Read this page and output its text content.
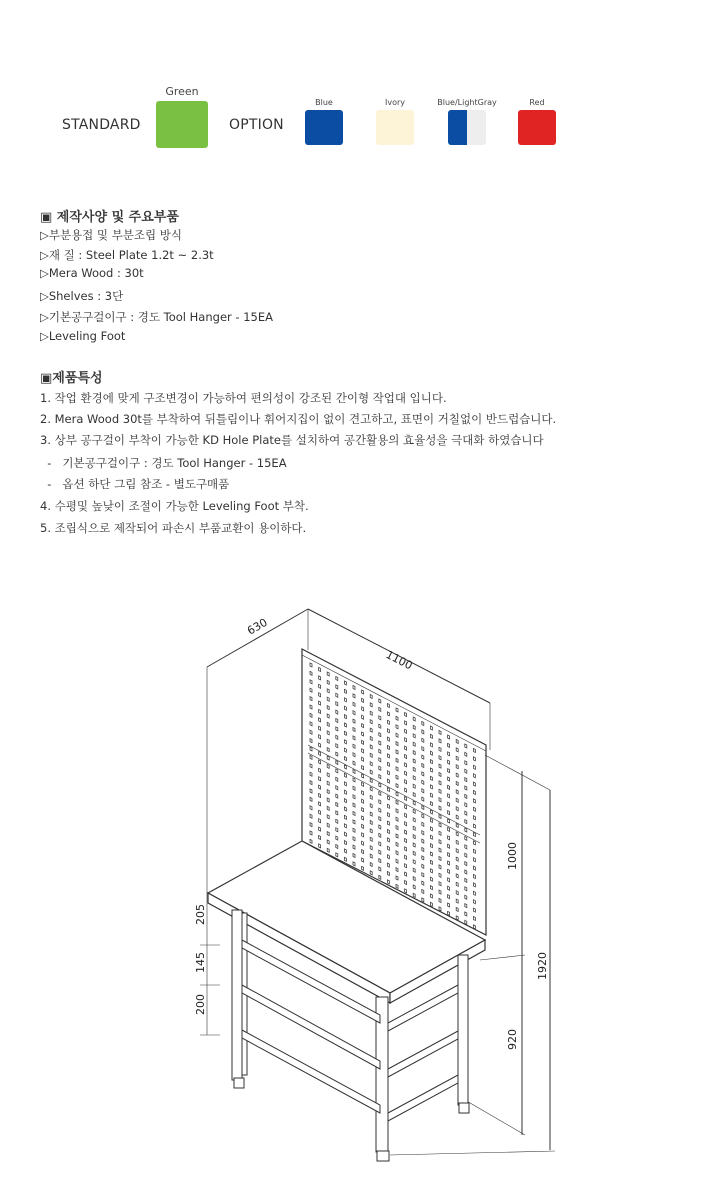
STANDARD
Green
OPTION
Blue	Ivory	Blue/LightGray	Red
▣ 제작사양 및 주요부품
▷부분용접 및 부분조립 방식
▷재 질 : Steel Plate 1.2t ~ 2.3t
▷Mera Wood : 30t
▷Shelves : 3단
▷기본공구걸이구 : 경도 Tool Hanger - 15EA
▷Leveling Foot
▣제품특성
1. 작업 환경에 맞게 구조변경이 가능하여 편의성이 강조된 간이형 작업대 입니다.
2. Mera Wood 30t를 부착하여 뒤틀림이나 휘어지집이 없이 견고하고, 표면이 거칠없이 반드럽습니다.
3. 상부 공구걸이 부착이 가능한 KD Hole Plate를 설치하여 공간활용의 효율성을 극대화 하였습니다
-   기본공구걸이구 : 경도 Tool Hanger - 15EA
-   옵션 하단 그림 참조 - 별도구매품
4. 수평및 높낮이 조절이 가능한 Leveling Foot 부착.
5. 조립식으로 제작되어 파손시 부품교환이 용이하다.
630
1100
1000
1920
920
205
145
200
